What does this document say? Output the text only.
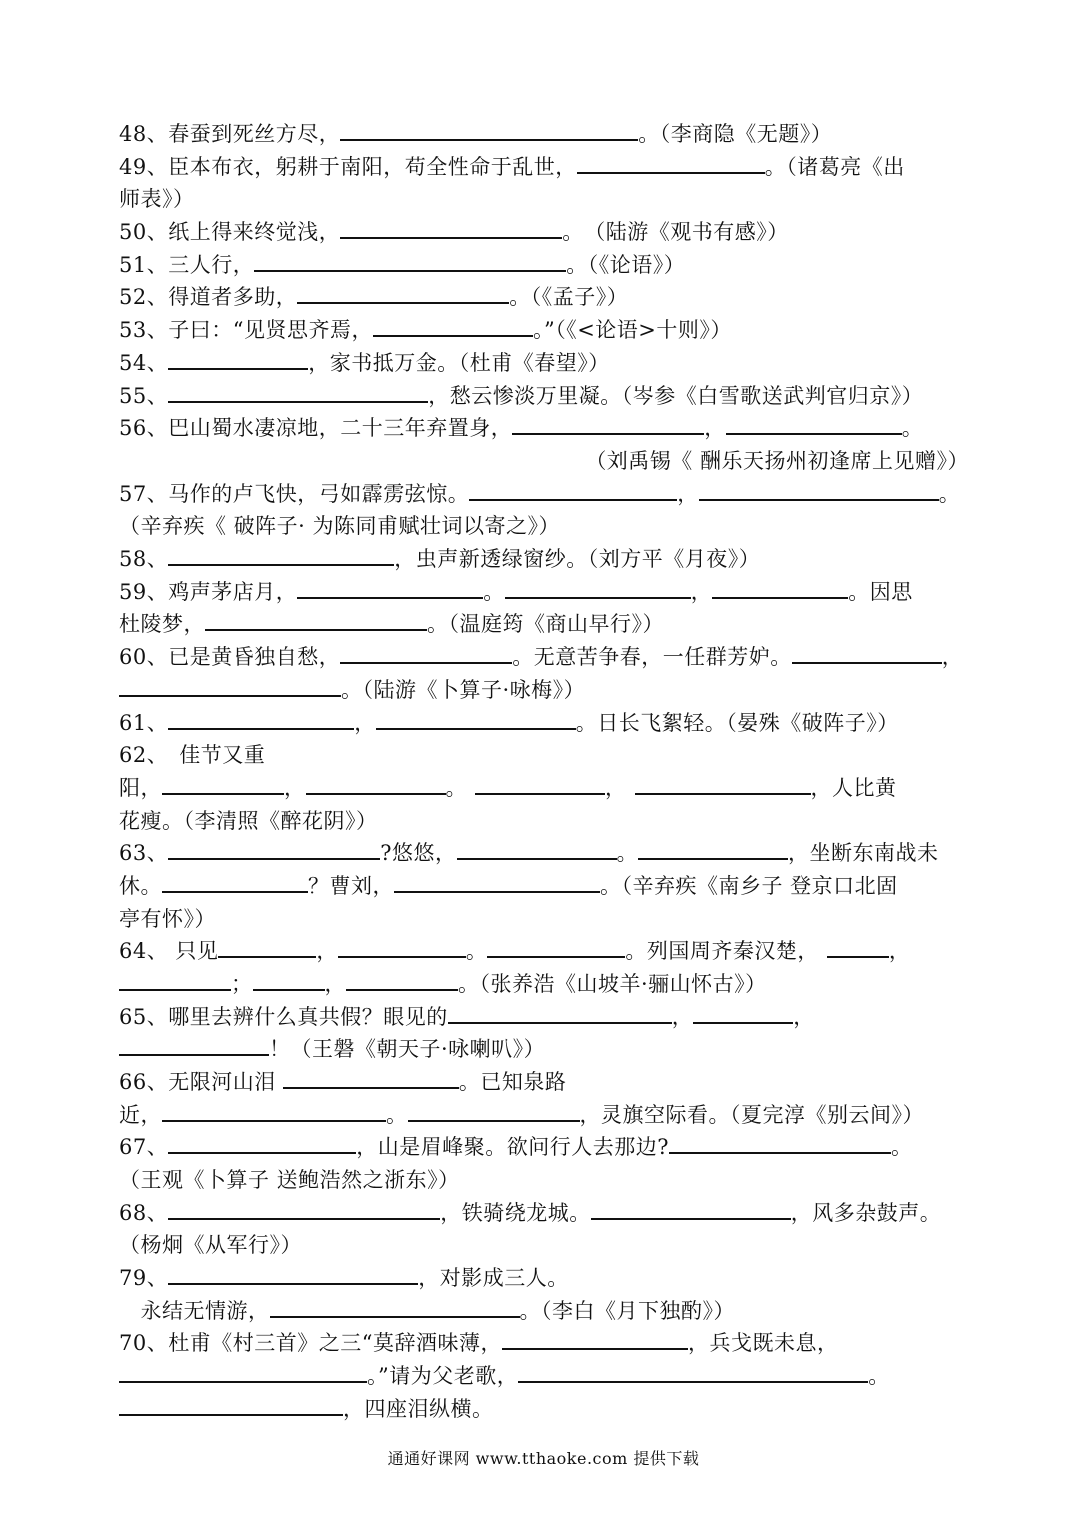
48、春蚕到死丝方尽，	。（李商隐《无题》）
49、臣本布衣，躬耕于南阳，苟全性命于乱世，	。（诸葛亮《出
师表》）
50、纸上得来终觉浅，	。　（陆游《观书有感》）
51、三人行，	。（《论语》）
52、得道者多助，	。（《孟子》）
53、子曰：“见贤思齐焉，	。”（《<论语>十则》）
54、	，家书抵万金。（杜甫《春望》）
55、	，愁云惨淡万里凝。（岑参《白雪歌送武判官归京》）
56、巴山蜀水凄凉地，二十三年弃置身，	，	。
（刘禹锡《 酬乐天扬州初逢席上见赠》）
57、马作的卢飞快，弓如霹雳弦惊。	，	。
（辛弃疾《 破阵子· 为陈同甫赋壮词以寄之》）
58、	，虫声新透绿窗纱。（刘方平《月夜》）
59、鸡声茅店月，	。	，	。因思
杜陵梦，	。（温庭筠《商山早行》）
60、已是黄昏独自愁，	。无意苦争春，一任群芳妒。	，
。（陆游《卜算子·咏梅》）
61、	，	。日长飞絮轻。（晏殊《破阵子》）
62、　佳节又重
阳，	，	。	，	，人比黄
花瘦。（李清照《醉花阴》）
63、	?悠悠，	。	，坐断东南战未
休。	？曹刘，	。（辛弃疾《南乡子 登京口北固
亭有怀》）
64、 只见	，	。	。列国周齐秦汉楚，	，
；	，	。（张养浩《山坡羊·骊山怀古》）
65、哪里去辨什么真共假？眼见的	，	，
！（王磐《朝天子·咏喇叭》）
66、无限河山泪	。已知泉路
近，	。	，灵旗空际看。（夏完淳《别云间》）
67、	，山是眉峰聚。欲问行人去那边?	。
（王观《卜算子 送鲍浩然之浙东》）
68、	，铁骑绕龙城。	，风多杂鼓声。
（杨炯《从军行》）
79、	，对影成三人。
　永结无情游，	。（李白《月下独酌》）
70、杜甫《村三首》之三“莫辞酒味薄，	，兵戈既未息，
。”请为父老歌，	。
，四座泪纵横。
通通好课网 www.tthaoke.com 提供下载
